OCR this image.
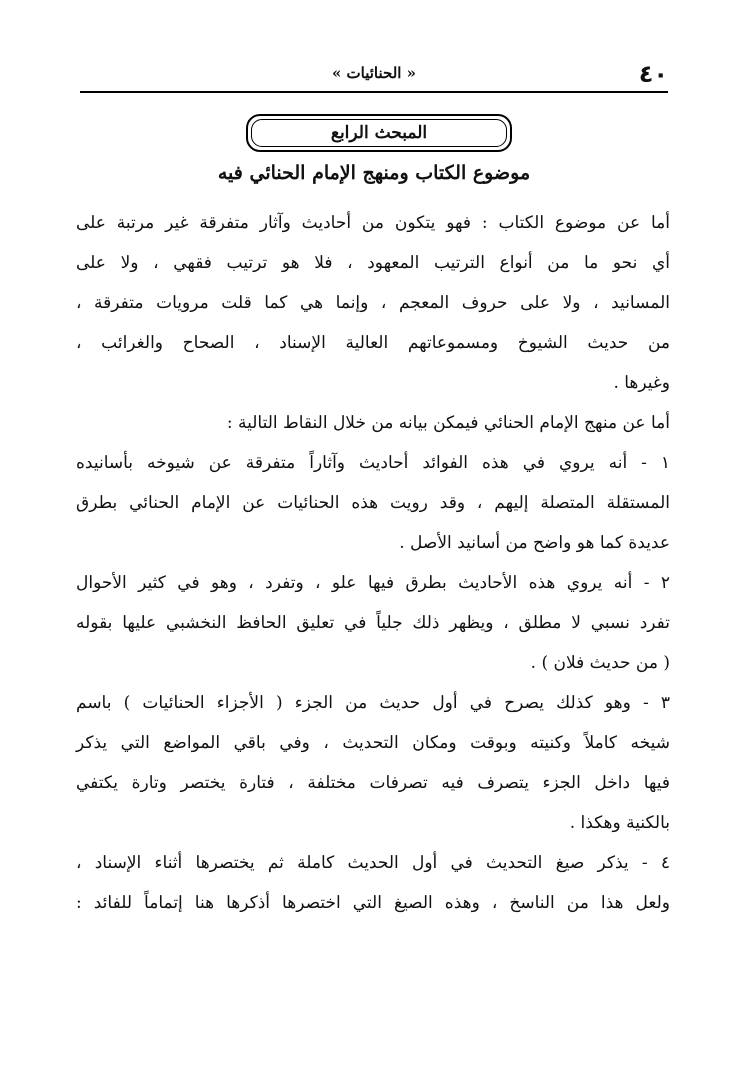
٤٠
« الحنائيات »
المبحث الرابع
موضوع الكتاب ومنهج الإمام الحنائي فيه
أما عن موضوع الكتاب : فهو يتكون من أحاديث وآثار متفرقة غير مرتبة على
أي نحو ما من أنواع الترتيب المعهود ، فلا هو ترتيب فقهي ، ولا على
المسانيد ، ولا على حروف المعجم ، وإنما هي كما قلت مرويات متفرقة ،
من حديث الشيوخ ومسموعاتهم العالية الإسناد ، الصحاح والغرائب ،
وغيرها .
أما عن منهج الإمام الحنائي فيمكن بيانه من خلال النقاط التالية :
١ - أنه يروي في هذه الفوائد أحاديث وآثاراً متفرقة عن شيوخه بأسانيده
المستقلة المتصلة إليهم ، وقد رويت هذه الحنائيات عن الإمام الحنائي بطرق
عديدة كما هو واضح من أسانيد الأصل .
٢ - أنه يروي هذه الأحاديث بطرق فيها علو ، وتفرد ، وهو في كثير الأحوال
تفرد نسبي لا مطلق ، ويظهر ذلك جلياً في تعليق الحافظ النخشبي عليها بقوله
( من حديث فلان ) .
٣ - وهو كذلك يصرح في أول حديث من الجزء ( الأجزاء الحنائيات ) باسم
شيخه كاملاً وكنيته وبوقت ومكان التحديث ، وفي باقي المواضع التي يذكر
فيها داخل الجزء يتصرف فيه تصرفات مختلفة ، فتارة يختصر وتارة يكتفي
بالكنية وهكذا .
٤ - يذكر صيغ التحديث في أول الحديث كاملة ثم يختصرها أثناء الإسناد ،
ولعل هذا من الناسخ ، وهذه الصيغ التي اختصرها أذكرها هنا إتماماً للفائد :
